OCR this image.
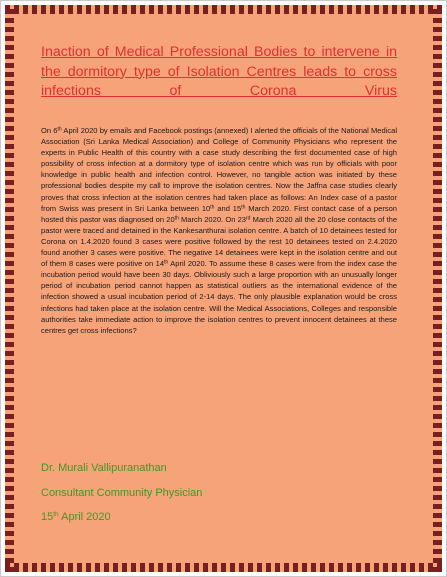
Inaction of Medical Professional Bodies to intervene in the dormitory type of Isolation Centres leads to cross infections of Corona Virus

On 6th April 2020 by emails and Facebook postings (annexed) I alerted the officials of the National Medical Association (Sri Lanka Medical Association) and College of Community Physicians who represent the experts in Public Health of this country with a case study describing the first documented case of high possibility of cross infection at a dormitory type of isolation centre which was run by officials with poor knowledge in public health and infection control. However, no tangible action was initiated by these professional bodies despite my call to improve the isolation centres. Now the Jaffna case studies clearly proves that cross infection at the isolation centres had taken place as follows: An Index case of a pastor from Swiss was present in Sri Lanka between 10th and 15th March 2020. First contact case of a person hosted this pastor was diagnosed on 20th March 2020. On 23rd March 2020 all the 20 close contacts of the pastor were traced and detained in the Kankesanthurai isolation centre. A batch of 10 detainees tested for Corona on 1.4.2020 found 3 cases were positive followed by the rest 10 detainees tested on 2.4.2020 found another 3 cases were positive. The negative 14 detainees were kept in the isolation centre and out of them 8 cases were positive on 14th April 2020. To assume these 8 cases were from the index case the incubation period would have been 30 days. Obliviously such a large proportion with an unusually longer period of incubation period cannot happen as statistical outliers as the international evidence of the infection showed a usual incubation period of 2-14 days. The only plausible explanation would be cross infections had taken place at the isolation centre. Will the Medical Associations, Colleges and responsible authorities take immediate action to improve the isolation centres to prevent innocent detainees at these centres get cross infections?

Dr. Murali Vallipuranathan

Consultant Community Physician

15th April 2020
